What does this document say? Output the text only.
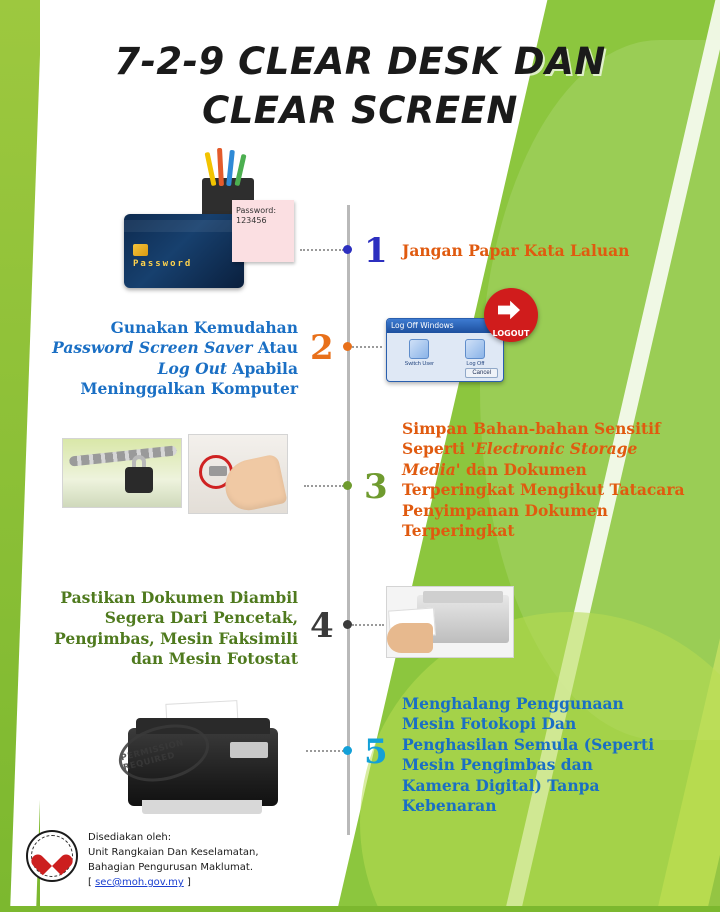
7-2-9 CLEAR DESK DAN
CLEAR SCREEN
Password
Password: 123456
1 Jangan Papar Kata Laluan
Log Off Windows
Switch User	Log Off
Cancel
LOGOUT
2
Gunakan Kemudahan
Password Screen Saver Atau
Log Out Apabila
Meninggalkan Komputer
3
Simpan Bahan-bahan Sensitif
Seperti 'Electronic Storage
Media' dan Dokumen
Terperingkat Mengikut Tatacara
Penyimpanan Dokumen
Terperingkat
4
Pastikan Dokumen Diambil
Segera Dari Pencetak,
Pengimbas, Mesin Faksimili
dan Mesin Fotostat
PERMISSION REQUIRED	5
Menghalang Penggunaan
Mesin Fotokopi Dan
Penghasilan Semula (Seperti
Mesin Pengimbas dan
Kamera Digital) Tanpa
Kebenaran
Disediakan oleh:
Unit Rangkaian Dan Keselamatan,
Bahagian Pengurusan Maklumat.
[ sec@moh.gov.my ]
